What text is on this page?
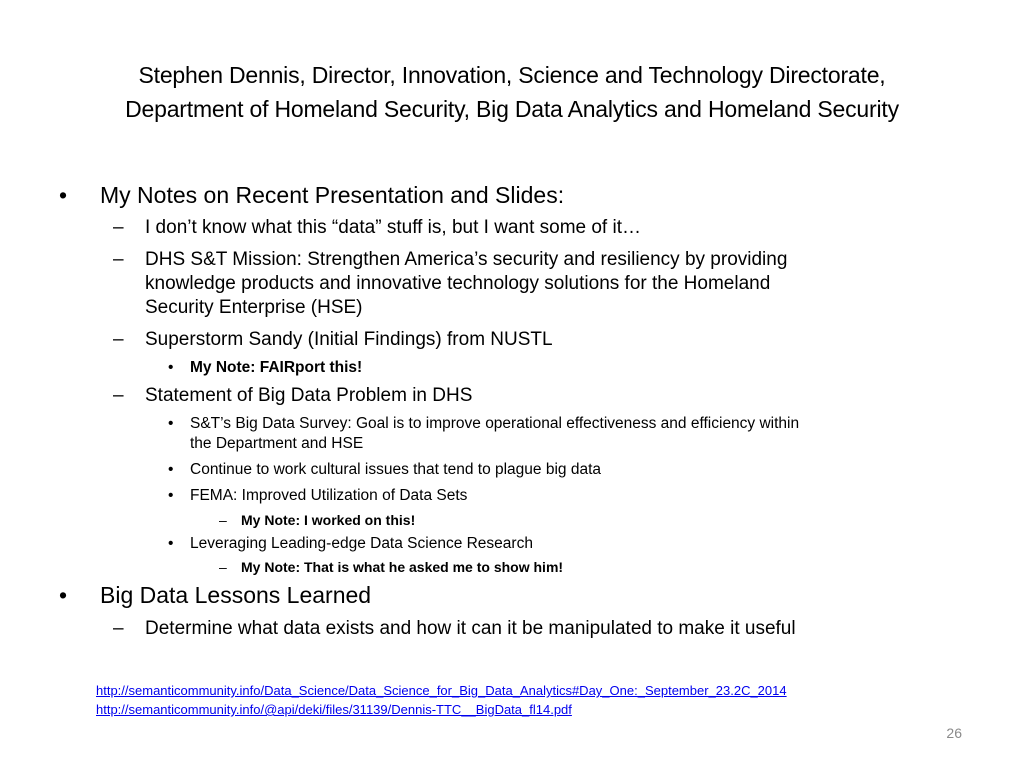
Stephen Dennis, Director, Innovation, Science and Technology Directorate,
Department of Homeland Security, Big Data Analytics and Homeland Security
• My Notes on Recent Presentation and Slides:
– I don’t know what this “data” stuff is, but I want some of it…
– DHS S&T Mission: Strengthen America’s security and resiliency by providing
knowledge products and innovative technology solutions for the Homeland
Security Enterprise (HSE)
– Superstorm Sandy (Initial Findings) from NUSTL
• My Note: FAIRport this!
– Statement of Big Data Problem in DHS
• S&T’s Big Data Survey: Goal is to improve operational effectiveness and efficiency within
the Department and HSE
• Continue to work cultural issues that tend to plague big data
• FEMA: Improved Utilization of Data Sets
– My Note: I worked on this!
• Leveraging Leading-edge Data Science Research
– My Note: That is what he asked me to show him!
• Big Data Lessons Learned
– Determine what data exists and how it can it be manipulated to make it useful
http://semanticommunity.info/Data_Science/Data_Science_for_Big_Data_Analytics#Day_One:_September_23.2C_2014
http://semanticommunity.info/@api/deki/files/31139/Dennis-TTC__BigData_fl14.pdf
26
